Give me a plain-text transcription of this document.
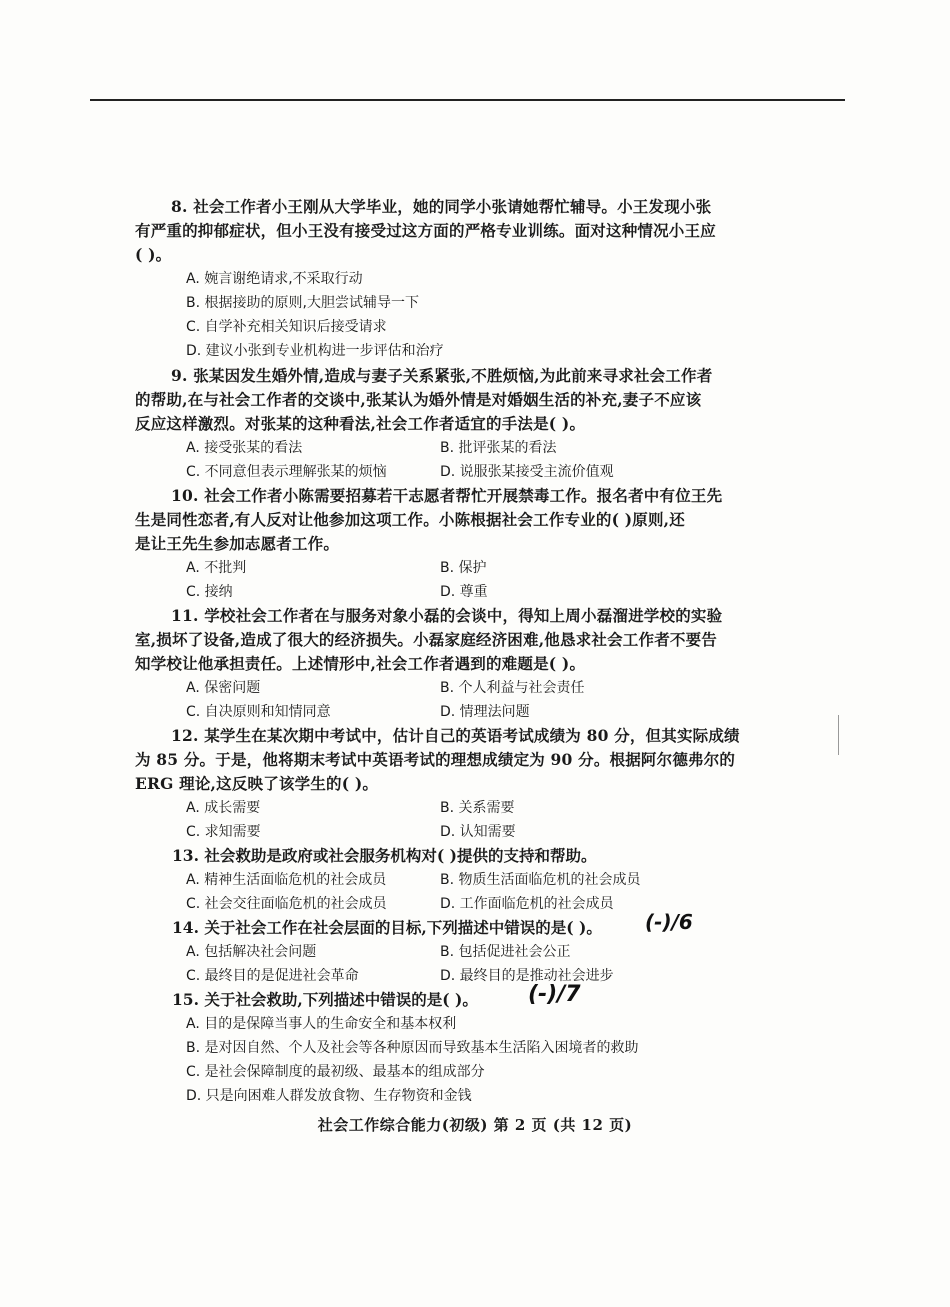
8. 社会工作者小王刚从大学毕业，她的同学小张请她帮忙辅导。小王发现小张
有严重的抑郁症状，但小王没有接受过这方面的严格专业训练。面对这种情况小王应
( )。
A. 婉言谢绝请求,不采取行动
B. 根据接助的原则,大胆尝试辅导一下
C. 自学补充相关知识后接受请求
D. 建议小张到专业机构进一步评估和治疗
9. 张某因发生婚外情,造成与妻子关系紧张,不胜烦恼,为此前来寻求社会工作者
的帮助,在与社会工作者的交谈中,张某认为婚外情是对婚姻生活的补充,妻子不应该
反应这样激烈。对张某的这种看法,社会工作者适宜的手法是( )。
A. 接受张某的看法	B. 批评张某的看法
C. 不同意但表示理解张某的烦恼	D. 说服张某接受主流价值观
10. 社会工作者小陈需要招募若干志愿者帮忙开展禁毒工作。报名者中有位王先
生是同性恋者,有人反对让他参加这项工作。小陈根据社会工作专业的( )原则,还
是让王先生参加志愿者工作。
A. 不批判	B. 保护
C. 接纳	D. 尊重
11. 学校社会工作者在与服务对象小磊的会谈中，得知上周小磊溜进学校的实验
室,损坏了设备,造成了很大的经济损失。小磊家庭经济困难,他恳求社会工作者不要告
知学校让他承担责任。上述情形中,社会工作者遇到的难题是( )。
A. 保密问题	B. 个人利益与社会责任
C. 自决原则和知情同意	D. 情理法问题
12. 某学生在某次期中考试中，估计自己的英语考试成绩为 80 分，但其实际成绩
为 85 分。于是，他将期末考试中英语考试的理想成绩定为 90 分。根据阿尔德弗尔的
ERG 理论,这反映了该学生的( )。
A. 成长需要	B. 关系需要
C. 求知需要	D. 认知需要
13. 社会救助是政府或社会服务机构对( )提供的支持和帮助。
A. 精神生活面临危机的社会成员	B. 物质生活面临危机的社会成员
C. 社会交往面临危机的社会成员	D. 工作面临危机的社会成员
14. 关于社会工作在社会层面的目标,下列描述中错误的是( )。 (-)/6
A. 包括解决社会问题	B. 包括促进社会公正
C. 最终目的是促进社会革命	D. 最终目的是推动社会进步
15. 关于社会救助,下列描述中错误的是( )。 (-)/7
A. 目的是保障当事人的生命安全和基本权利
B. 是对因自然、个人及社会等各种原因而导致基本生活陷入困境者的救助
C. 是社会保障制度的最初级、最基本的组成部分
D. 只是向困难人群发放食物、生存物资和金钱
社会工作综合能力(初级) 第 2 页 (共 12 页)
